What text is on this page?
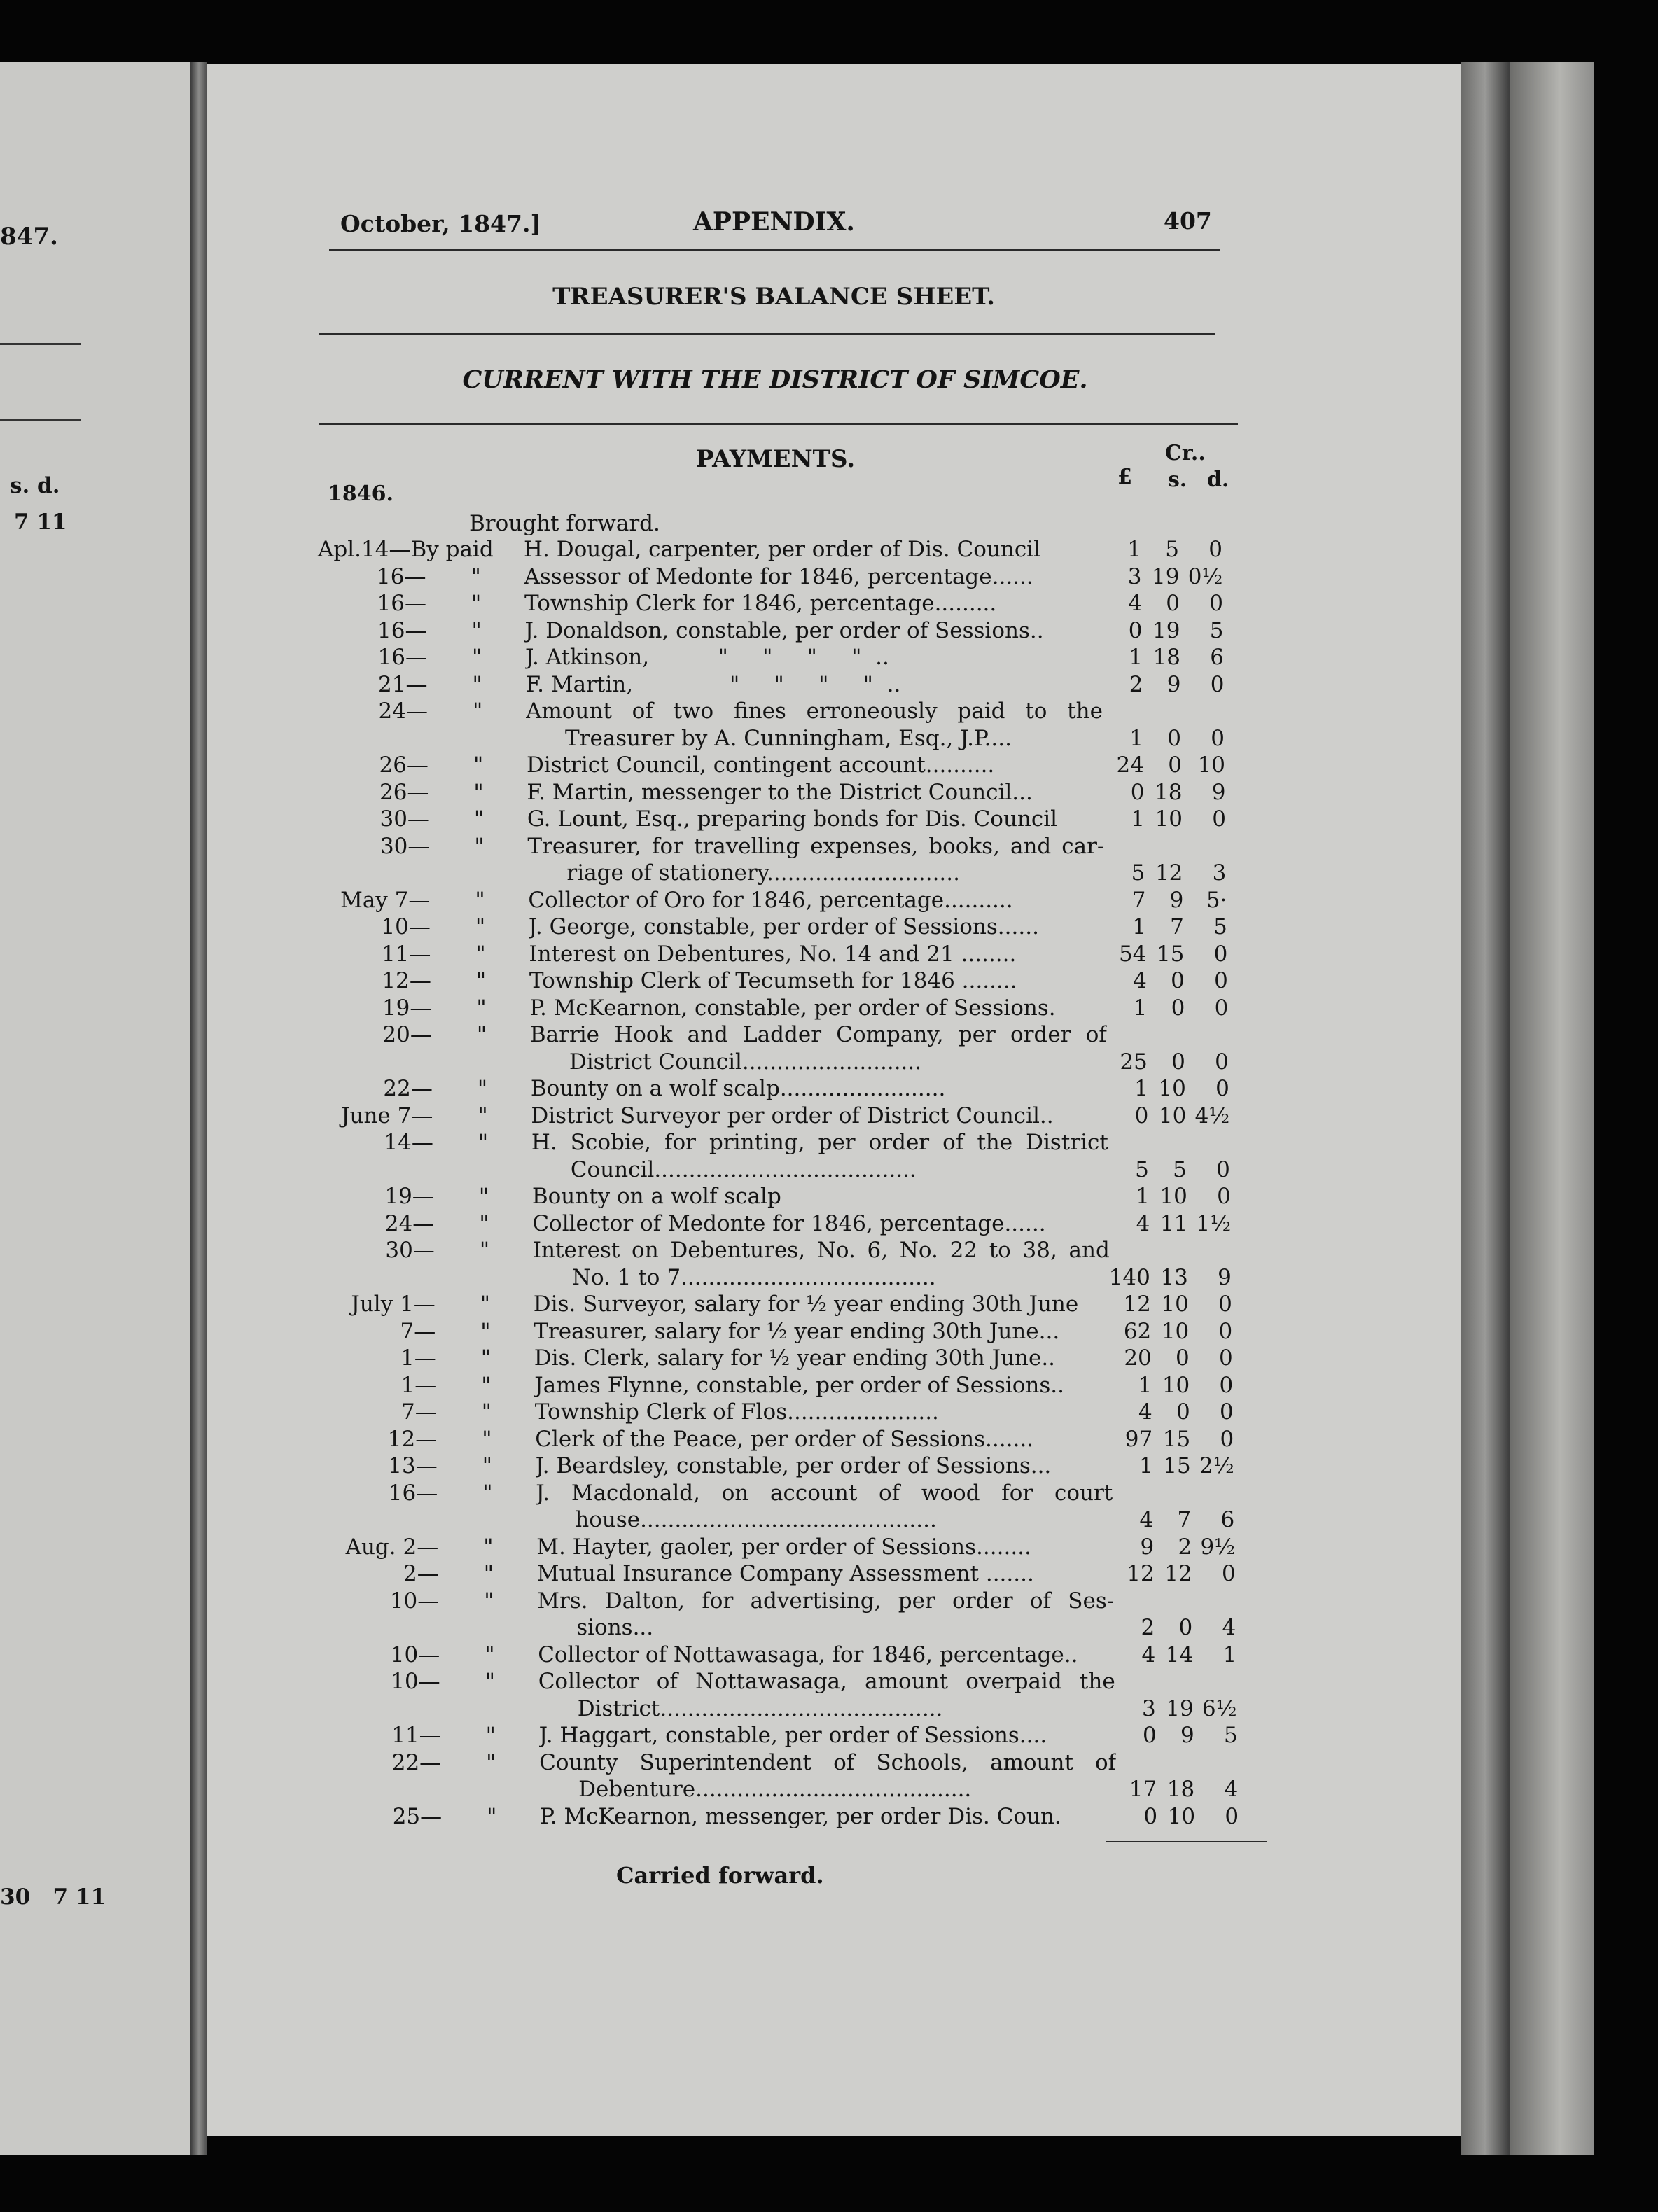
847.
s. d.
7 11
30   7 11
October, 1847.]	APPENDIX.	407
TREASURER'S BALANCE SHEET.
CURRENT WITH THE DISTRICT OF SIMCOE.
PAYMENTS.	Cr..
£ s. d.
1846.
Brought forward.
Apl.14—By paid	H. Dougal, carpenter, per order of Dis. Council	1	5	0
16— " Assessor of Medonte for 1846, percentage......	3 19 0½
16— " Township Clerk for 1846, percentage.........	4	0	0
16— " J. Donaldson, constable, per order of Sessions..	0 19	5
16— " J. Atkinson,          "     "     "     "  ..	1 18	6
21— " F. Martin,              "     "     "     "  ..	2	9	0
24— " Amount of two fines erroneously paid to the
Treasurer by A. Cunningham, Esq., J.P....	1	0	0
26— " District Council, contingent account..........	24	0 10
26— " F. Martin, messenger to the District Council...	0 18	9
30— " G. Lount, Esq., preparing bonds for Dis. Council	1 10	0
30— " Treasurer, for travelling expenses, books, and car-
riage of stationery............................	5 12	3
May 7— " Collector of Oro for 1846, percentage..........	7	9	5·
10— " J. George, constable, per order of Sessions......	1	7	5
11— " Interest on Debentures, No. 14 and 21 ........	54 15	0
12— " Township Clerk of Tecumseth for 1846 ........	4	0	0
19— " P. McKearnon, constable, per order of Sessions.	1	0	0
20— " Barrie Hook and Ladder Company, per order of
District Council..........................	25	0	0
22— " Bounty on a wolf scalp........................	1 10	0
June 7— " District Surveyor per order of District Council..	0 10 4½
14— " H. Scobie, for printing, per order of the District
Council......................................	5	5	0
19— " Bounty on a wolf scalp	1 10	0
24— " Collector of Medonte for 1846, percentage......	4 11 1½
30— " Interest on Debentures, No. 6, No. 22 to 38, and
No. 1 to 7.....................................	140 13	9
July 1— " Dis. Surveyor, salary for ½ year ending 30th June	12 10	0
7— " Treasurer, salary for ½ year ending 30th June...	62 10	0
1— " Dis. Clerk, salary for ½ year ending 30th June..	20	0	0
1— " James Flynne, constable, per order of Sessions..	1 10	0
7— " Township Clerk of Flos......................	4	0	0
12— " Clerk of the Peace, per order of Sessions.......	97 15	0
13— " J. Beardsley, constable, per order of Sessions...	1 15 2½
16— " J. Macdonald, on account of wood for court
house...........................................	4	7	6
Aug. 2— " M. Hayter, gaoler, per order of Sessions........	9	2 9½
2— " Mutual Insurance Company Assessment .......	12 12	0
10— " Mrs. Dalton, for advertising, per order of Ses-
sions...	2	0	4
10— " Collector of Nottawasaga, for 1846, percentage..	4 14	1
10— " Collector of Nottawasaga, amount overpaid the
District.........................................	3 19 6½
11— " J. Haggart, constable, per order of Sessions....	0	9	5
22— " County Superintendent of Schools, amount of
Debenture........................................	17 18	4
25— " P. McKearnon, messenger, per order Dis. Coun.	0 10	0
Carried forward.
